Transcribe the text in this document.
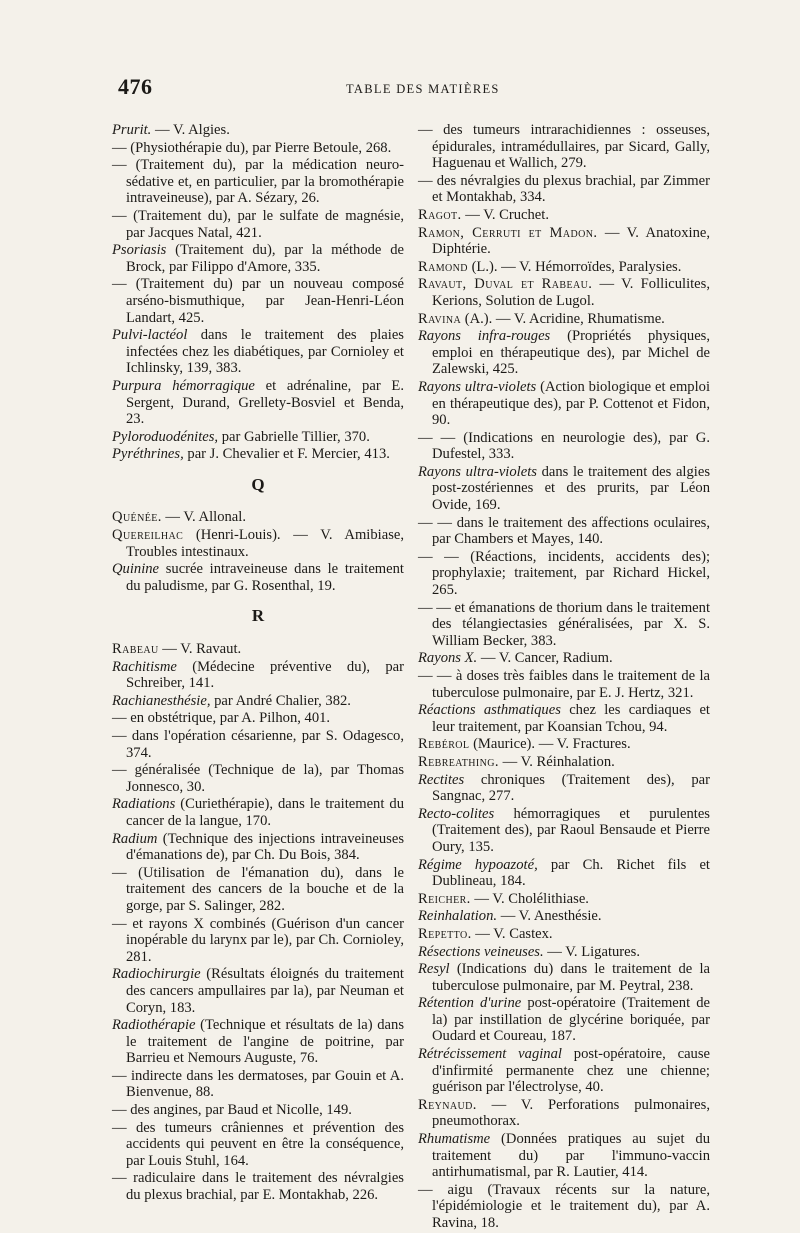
476	TABLE DES MATIÈRES
Prurit. — V. Algies.
— (Physiothérapie du), par Pierre Betoule, 268.
— (Traitement du), par la médication neuro-sédative et, en particulier, par la bromothérapie intraveineuse), par A. Sézary, 26.
— (Traitement du), par le sulfate de magnésie, par Jacques Natal, 421.
Psoriasis (Traitement du), par la méthode de Brock, par Filippo d'Amore, 335.
— (Traitement du) par un nouveau composé arséno-bismuthique, par Jean-Henri-Léon Landart, 425.
Pulvi-lactéol dans le traitement des plaies infectées chez les diabétiques, par Cornioley et Ichlinsky, 139, 383.
Purpura hémorragique et adrénaline, par E. Sergent, Durand, Grellety-Bosviel et Benda, 23.
Pyloroduodénites, par Gabrielle Tillier, 370.
Pyréthrines, par J. Chevalier et F. Mercier, 413.
Q
Quénée. — V. Allonal.
Quereilhac (Henri-Louis). — V. Amibiase, Troubles intestinaux.
Quinine sucrée intraveineuse dans le traitement du paludisme, par G. Rosenthal, 19.
R
Rabeau — V. Ravaut.
Rachitisme (Médecine préventive du), par Schreiber, 141.
Rachianesthésie, par André Chalier, 382.
— en obstétrique, par A. Pilhon, 401.
— dans l'opération césarienne, par S. Odagesco, 374.
— généralisée (Technique de la), par Thomas Jonnesco, 30.
Radiations (Curiethérapie), dans le traitement du cancer de la langue, 170.
Radium (Technique des injections intraveineuses d'émanations de), par Ch. Du Bois, 384.
— (Utilisation de l'émanation du), dans le traitement des cancers de la bouche et de la gorge, par S. Salinger, 282.
— et rayons X combinés (Guérison d'un cancer inopérable du larynx par le), par Ch. Cornioley, 281.
Radiochirurgie (Résultats éloignés du traitement des cancers ampullaires par la), par Neuman et Coryn, 183.
Radiothérapie (Technique et résultats de la) dans le traitement de l'angine de poitrine, par Barrieu et Nemours Auguste, 76.
— indirecte dans les dermatoses, par Gouin et A. Bienvenue, 88.
— des angines, par Baud et Nicolle, 149.
— des tumeurs crâniennes et prévention des accidents qui peuvent en être la conséquence, par Louis Stuhl, 164.
— radiculaire dans le traitement des névralgies du plexus brachial, par E. Montakhab, 226.
— des tumeurs intrarachidiennes : osseuses, épidurales, intramédullaires, par Sicard, Gally, Haguenau et Wallich, 279.
— des névralgies du plexus brachial, par Zimmer et Montakhab, 334.
Ragot. — V. Cruchet.
Ramon, Cerruti et Madon. — V. Anatoxine, Diphtérie.
Ramond (L.). — V. Hémorroïdes, Paralysies.
Ravaut, Duval et Rabeau. — V. Folliculites, Kerions, Solution de Lugol.
Ravina (A.). — V. Acridine, Rhumatisme.
Rayons infra-rouges (Propriétés physiques, emploi en thérapeutique des), par Michel de Zalewski, 425.
Rayons ultra-violets (Action biologique et emploi en thérapeutique des), par P. Cottenot et Fidon, 90.
— — (Indications en neurologie des), par G. Dufestel, 333.
Rayons ultra-violets dans le traitement des algies post-zostériennes et des prurits, par Léon Ovide, 169.
— — dans le traitement des affections oculaires, par Chambers et Mayes, 140.
— — (Réactions, incidents, accidents des); prophylaxie; traitement, par Richard Hickel, 265.
— — et émanations de thorium dans le traitement des télangiectasies généralisées, par X. S. William Becker, 383.
Rayons X. — V. Cancer, Radium.
— — à doses très faibles dans le traitement de la tuberculose pulmonaire, par E. J. Hertz, 321.
Réactions asthmatiques chez les cardiaques et leur traitement, par Koansian Tchou, 94.
Rebérol (Maurice). — V. Fractures.
Rebreathing. — V. Réinhalation.
Rectites chroniques (Traitement des), par Sangnac, 277.
Recto-colites hémorragiques et purulentes (Traitement des), par Raoul Bensaude et Pierre Oury, 135.
Régime hypoazoté, par Ch. Richet fils et Dublineau, 184.
Reicher. — V. Cholélithiase.
Reinhalation. — V. Anesthésie.
Repetto. — V. Castex.
Résections veineuses. — V. Ligatures.
Resyl (Indications du) dans le traitement de la tuberculose pulmonaire, par M. Peytral, 238.
Rétention d'urine post-opératoire (Traitement de la) par instillation de glycérine boriquée, par Oudard et Coureau, 187.
Rétrécissement vaginal post-opératoire, cause d'infirmité permanente chez une chienne; guérison par l'électrolyse, 40.
Reynaud. — V. Perforations pulmonaires, pneumothorax.
Rhumatisme (Données pratiques au sujet du traitement du) par l'immuno-vaccin antirhumatismal, par R. Lautier, 414.
— aigu (Travaux récents sur la nature, l'épidémiologie et le traitement du), par A. Ravina, 18.
